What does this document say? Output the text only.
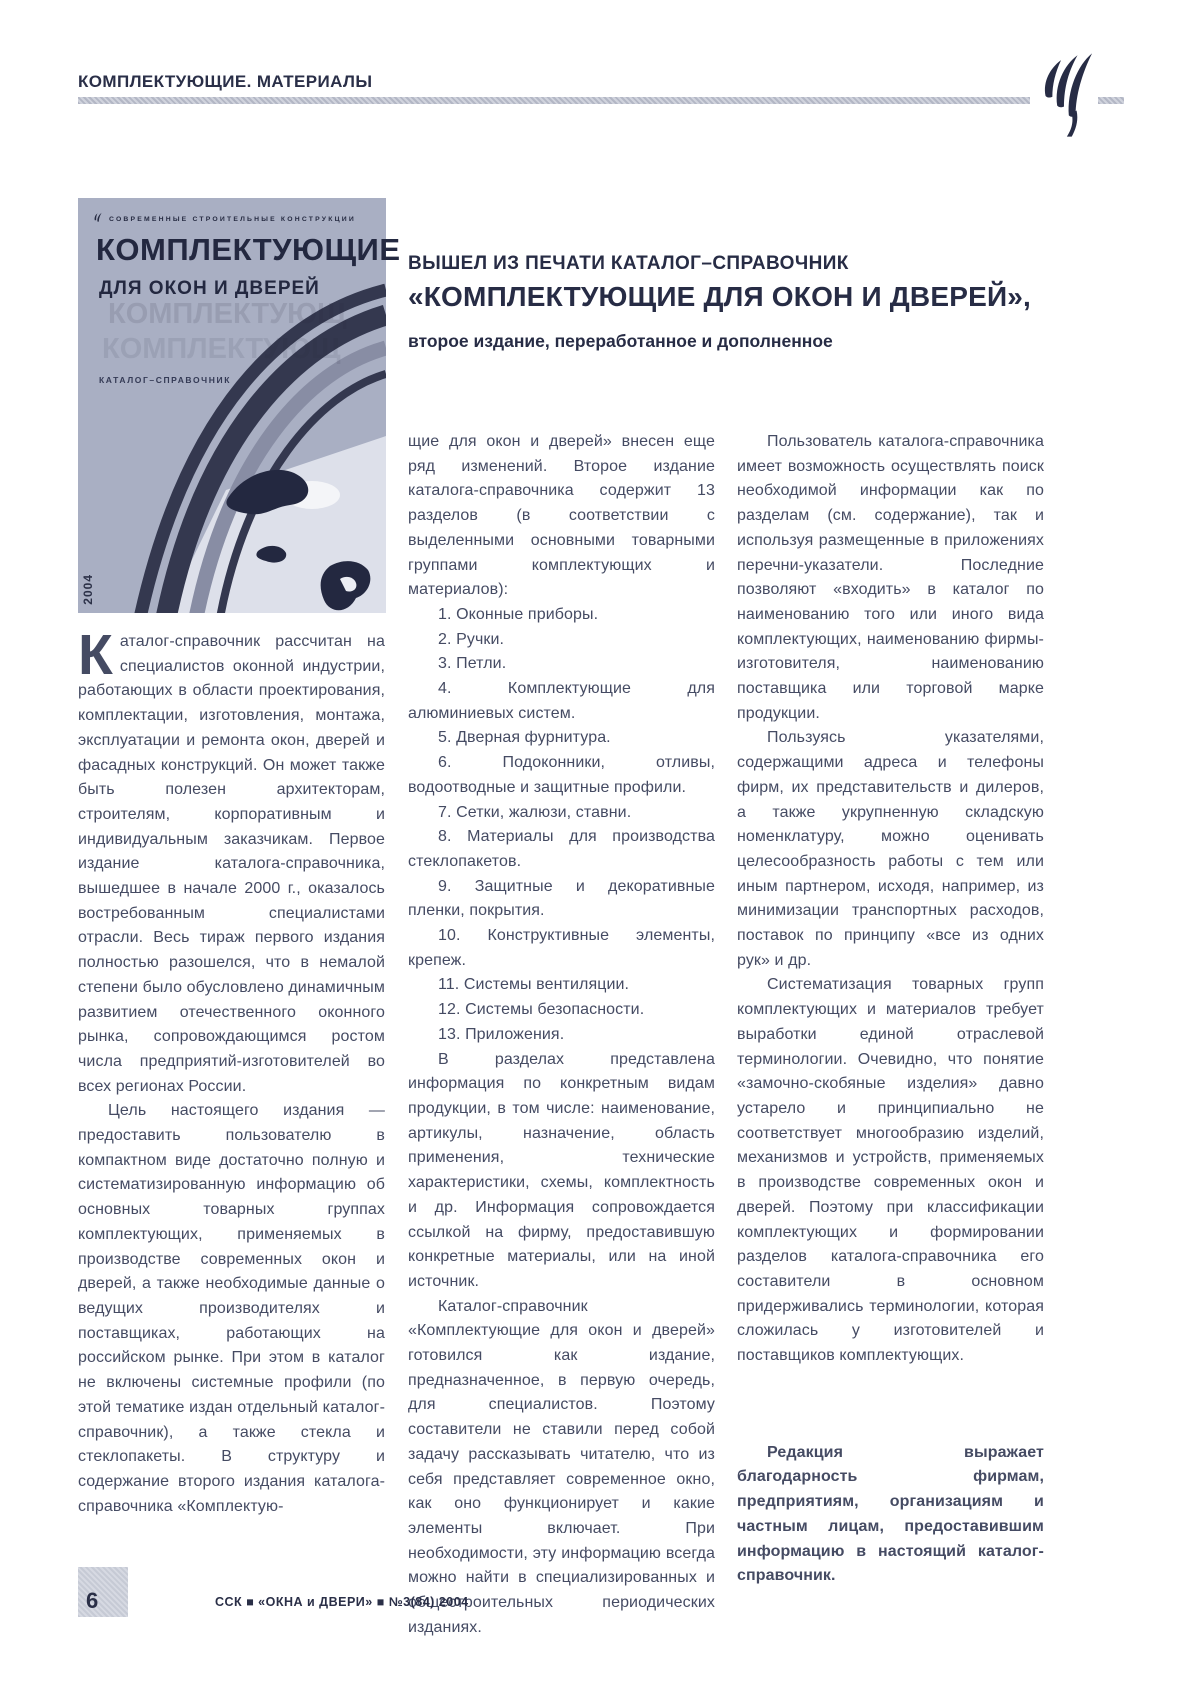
КОМПЛЕКТУЮЩИЕ. МАТЕРИАЛЫ
СОВРЕМЕННЫЕ СТРОИТЕЛЬНЫЕ КОНСТРУКЦИИ
КОМПЛЕКТУЮЩ
КОМПЛЕКТУЮЩ
КОМПЛЕКТУЮЩИЕ
ДЛЯ ОКОН И ДВЕРЕЙ
КАТАЛОГ–СПРАВОЧНИК
2004
ВЫШЕЛ ИЗ ПЕЧАТИ КАТАЛОГ–СПРАВОЧНИК
«КОМПЛЕКТУЮЩИЕ ДЛЯ ОКОН И ДВЕРЕЙ»,
второе издание, переработанное и дополненное

Каталог-справочник рассчитан на специалистов оконной индустрии, работающих в области проектирования, комплектации, изготовления, монтажа, эксплуатации и ремонта окон, дверей и фасадных конструкций. Он может также быть полезен архитекторам, строителям, корпоративным и индивидуальным заказчикам. Первое издание каталога-справочника, вышедшее в начале 2000 г., оказалось востребованным специалистами отрасли. Весь тираж первого издания полностью разошелся, что в немалой степени было обусловлено динамичным развитием отечественного оконного рынка, сопровождающимся ростом числа предприятий-изготовителей во всех регионах России.

Цель настоящего издания — предоставить пользователю в компактном виде достаточно полную и систематизированную информацию об основных товарных группах комплектующих, применяемых в производстве современных окон и дверей, а также необходимые данные о ведущих производителях и поставщиках, работающих на российском рынке. При этом в каталог не включены системные профили (по этой тематике издан отдельный каталог-справочник), а также стекла и стеклопакеты. В структуру и содержание второго издания каталога-справочника «Комплектую-

щие для окон и дверей» внесен еще ряд изменений. Второе издание каталога-справочника содержит 13 разделов (в соответствии с выделенными основными товарными группами комплектующих и материалов):

1. Оконные приборы.

2. Ручки.

3. Петли.

4. Комплектующие для алюминиевых систем.

5. Дверная фурнитура.

6. Подоконники, отливы, водоотводные и защитные профили.

7. Сетки, жалюзи, ставни.

8. Материалы для производства стеклопакетов.

9. Защитные и декоративные пленки, покрытия.

10. Конструктивные элементы, крепеж.

11. Системы вентиляции.

12. Системы безопасности.

13. Приложения.

В разделах представлена информация по конкретным видам продукции, в том числе: наименование, артикулы, назначение, область применения, технические характеристики, схемы, комплектность и др. Информация сопровождается ссылкой на фирму, предоставившую конкретные материалы, или на иной источник.

Каталог-справочник «Комплектующие для окон и дверей» готовился как издание, предназначенное, в первую очередь, для специалистов. Поэтому составители не ставили перед собой задачу рассказывать читателю, что из себя представляет современное окно, как оно функционирует и какие элементы включает. При необходимости, эту информацию всегда можно найти в специализированных и общестроительных периодических изданиях.

Пользователь каталога-справочника имеет возможность осуществлять поиск необходимой информации как по разделам (см. содержание), так и используя размещенные в приложениях перечни-указатели. Последние позволяют «входить» в каталог по наименованию того или иного вида комплектующих, наименованию фирмы-изготовителя, наименованию поставщика или торговой марке продукции.

Пользуясь указателями, содержащими адреса и телефоны фирм, их представительств и дилеров, а также укрупненную складскую номенклатуру, можно оценивать целесообразность работы с тем или иным партнером, исходя, например, из минимизации транспортных расходов, поставок по принципу «все из одних рук» и др.

Систематизация товарных групп комплектующих и материалов требует выработки единой отраслевой терминологии. Очевидно, что понятие «замочно-скобяные изделия» давно устарело и принципиально не соответствует многообразию изделий, механизмов и устройств, применяемых в производстве современных окон и дверей. Поэтому при классификации комплектующих и формировании разделов каталога-справочника его составители в основном придерживались терминологии, которая сложилась у изготовителей и поставщиков комплектующих.

Редакция выражает благодарность фирмам, предприятиям, организациям и частным лицам, предоставившим информацию в настоящий каталог-справочник.

6	ССК ■ «ОКНА и ДВЕРИ» ■ №3(84) 2004
